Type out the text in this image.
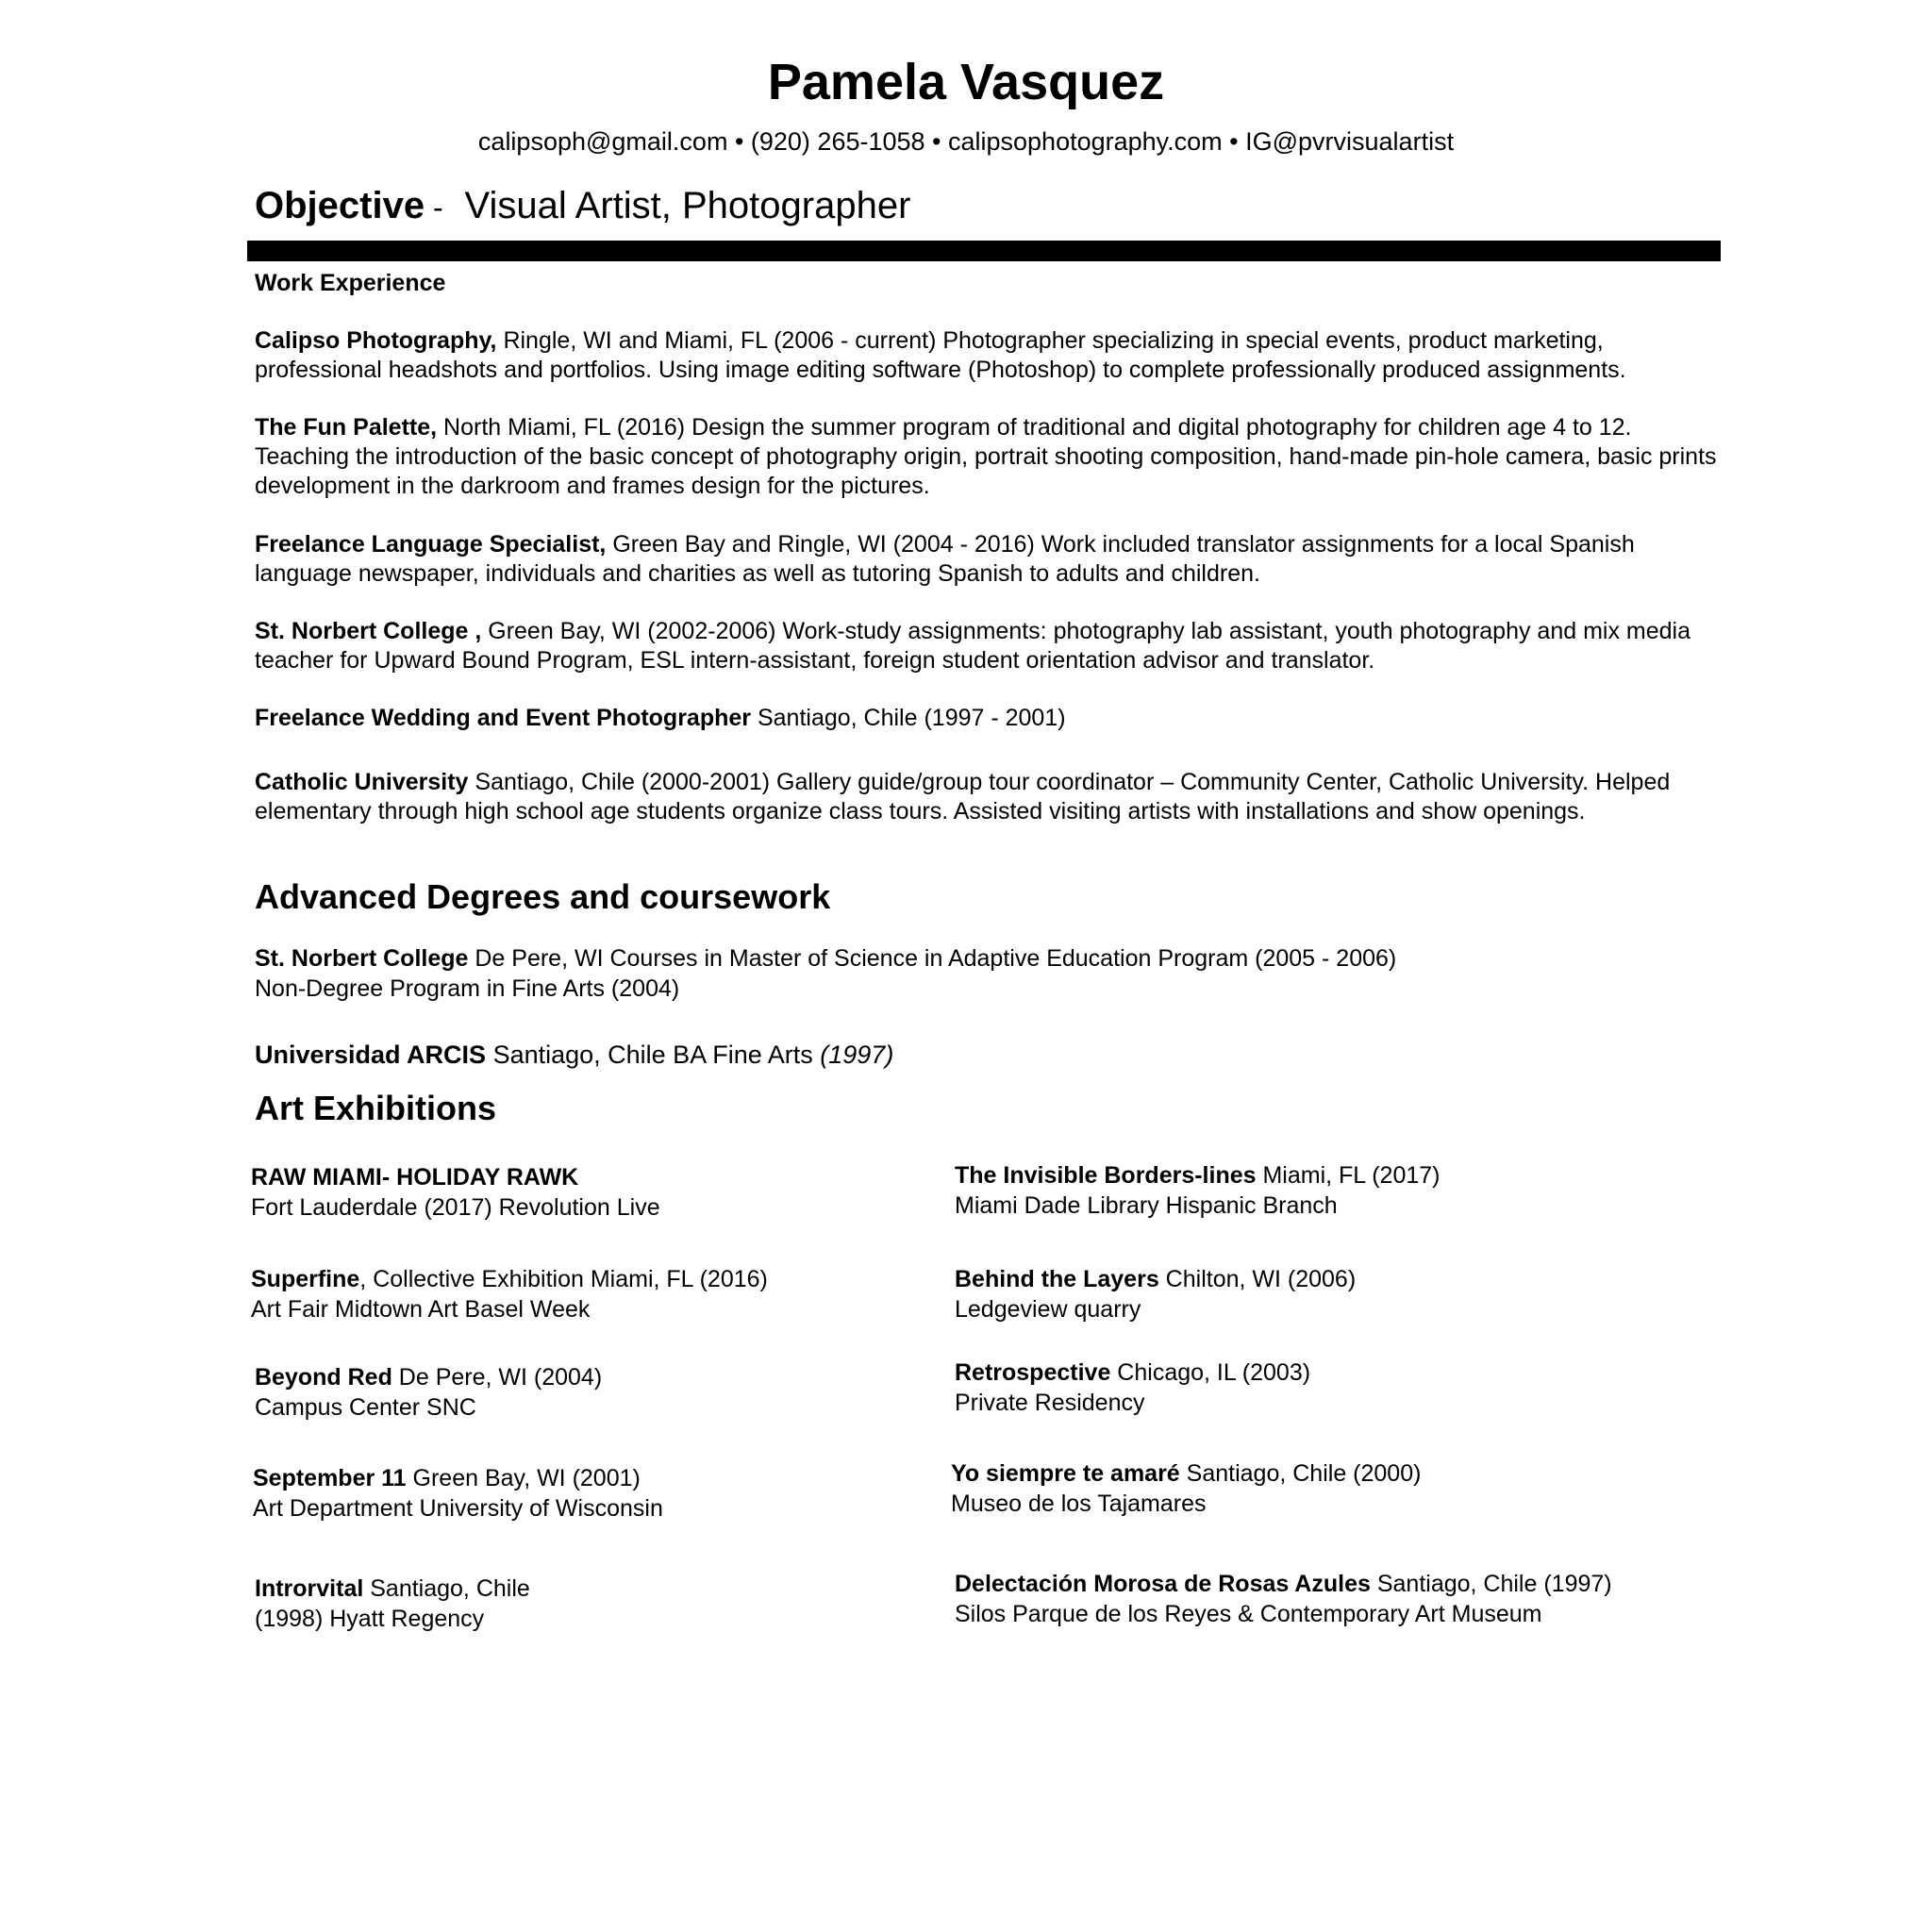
Pamela Vasquez
calipsoph@gmail.com • (920) 265-1058 • calipsophotography.com • IG@pvrvisualartist
Objective - Visual Artist, Photographer
Work Experience
Calipso Photography, Ringle, WI and Miami, FL (2006 - current) Photographer specializing in special events, product marketing, professional headshots and portfolios. Using image editing software (Photoshop) to complete professionally produced assignments.
The Fun Palette, North Miami, FL (2016) Design the summer program of traditional and digital photography for children age 4 to 12. Teaching the introduction of the basic concept of photography origin, portrait shooting composition, hand-made pin-hole camera, basic prints development in the darkroom and frames design for the pictures.
Freelance Language Specialist, Green Bay and Ringle, WI (2004 - 2016) Work included translator assignments for a local Spanish language newspaper, individuals and charities as well as tutoring Spanish to adults and children.
St. Norbert College , Green Bay, WI (2002-2006) Work-study assignments: photography lab assistant, youth photography and mix media teacher for Upward Bound Program, ESL intern-assistant, foreign student orientation advisor and translator.
Freelance Wedding and Event Photographer Santiago, Chile (1997 - 2001)
Catholic University Santiago, Chile (2000-2001) Gallery guide/group tour coordinator – Community Center, Catholic University. Helped elementary through high school age students organize class tours. Assisted visiting artists with installations and show openings.
Advanced Degrees and coursework
St. Norbert College De Pere, WI Courses in Master of Science in Adaptive Education Program (2005 - 2006)
Non-Degree Program in Fine Arts (2004)
Universidad ARCIS Santiago, Chile BA Fine Arts (1997)
Art Exhibitions
RAW MIAMI- HOLIDAY RAWK
Fort Lauderdale (2017) Revolution Live
Superfine, Collective Exhibition Miami, FL (2016)
Art Fair Midtown Art Basel Week
Beyond Red De Pere, WI (2004)
Campus Center SNC
September 11 Green Bay, WI (2001)
Art Department University of Wisconsin
Introrvital Santiago, Chile
(1998) Hyatt Regency
The Invisible Borders-lines Miami, FL (2017)
Miami Dade Library Hispanic Branch
Behind the Layers Chilton, WI (2006)
Ledgeview quarry
Retrospective Chicago, IL (2003)
Private Residency
Yo siempre te amaré Santiago, Chile (2000)
Museo de los Tajamares
Delectación Morosa de Rosas Azules Santiago, Chile (1997)
Silos Parque de los Reyes & Contemporary Art Museum
